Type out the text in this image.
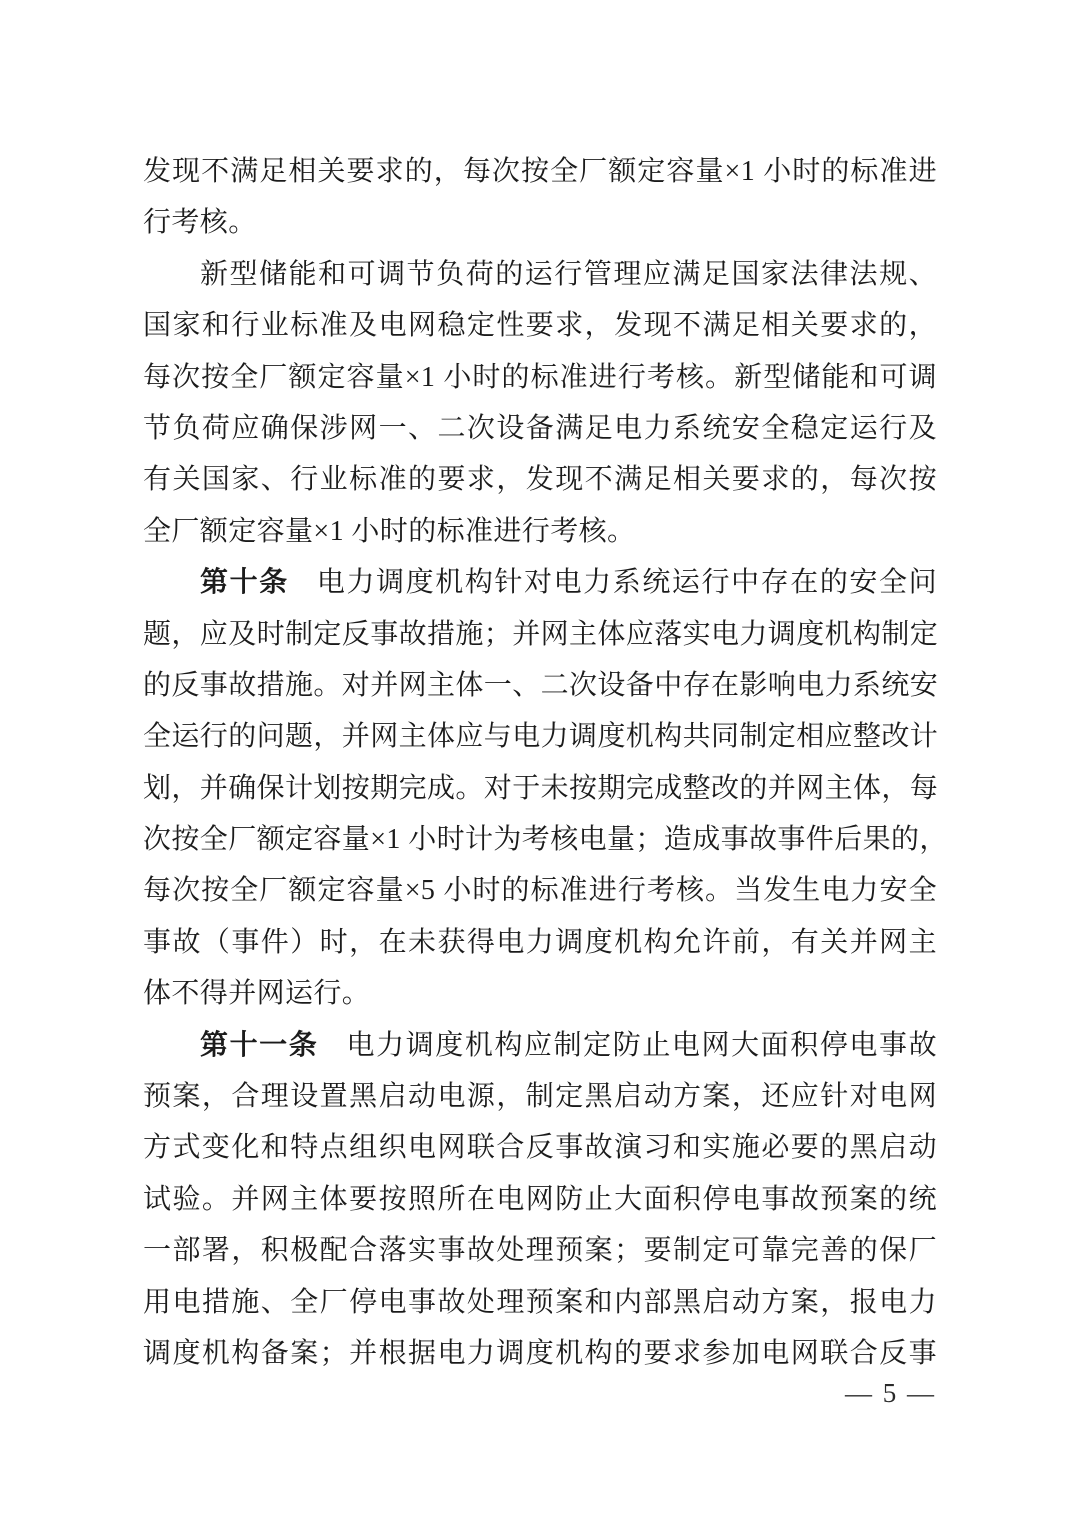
发现不满足相关要求的，每次按全厂额定容量×1 小时的标准进
行考核。
新型储能和可调节负荷的运行管理应满足国家法律法规、
国家和行业标准及电网稳定性要求，发现不满足相关要求的，
每次按全厂额定容量×1 小时的标准进行考核。新型储能和可调
节负荷应确保涉网一、二次设备满足电力系统安全稳定运行及
有关国家、行业标准的要求，发现不满足相关要求的，每次按
全厂额定容量×1 小时的标准进行考核。
第十条 电力调度机构针对电力系统运行中存在的安全问
题，应及时制定反事故措施；并网主体应落实电力调度机构制定
的反事故措施。对并网主体一、二次设备中存在影响电力系统安
全运行的问题，并网主体应与电力调度机构共同制定相应整改计
划，并确保计划按期完成。对于未按期完成整改的并网主体，每
次按全厂额定容量×1 小时计为考核电量；造成事故事件后果的，
每次按全厂额定容量×5 小时的标准进行考核。当发生电力安全
事故（事件）时，在未获得电力调度机构允许前，有关并网主
体不得并网运行。
第十一条 电力调度机构应制定防止电网大面积停电事故
预案，合理设置黑启动电源，制定黑启动方案，还应针对电网
方式变化和特点组织电网联合反事故演习和实施必要的黑启动
试验。并网主体要按照所在电网防止大面积停电事故预案的统
一部署，积极配合落实事故处理预案；要制定可靠完善的保厂
用电措施、全厂停电事故处理预案和内部黑启动方案，报电力
调度机构备案；并根据电力调度机构的要求参加电网联合反事
— 5 —
